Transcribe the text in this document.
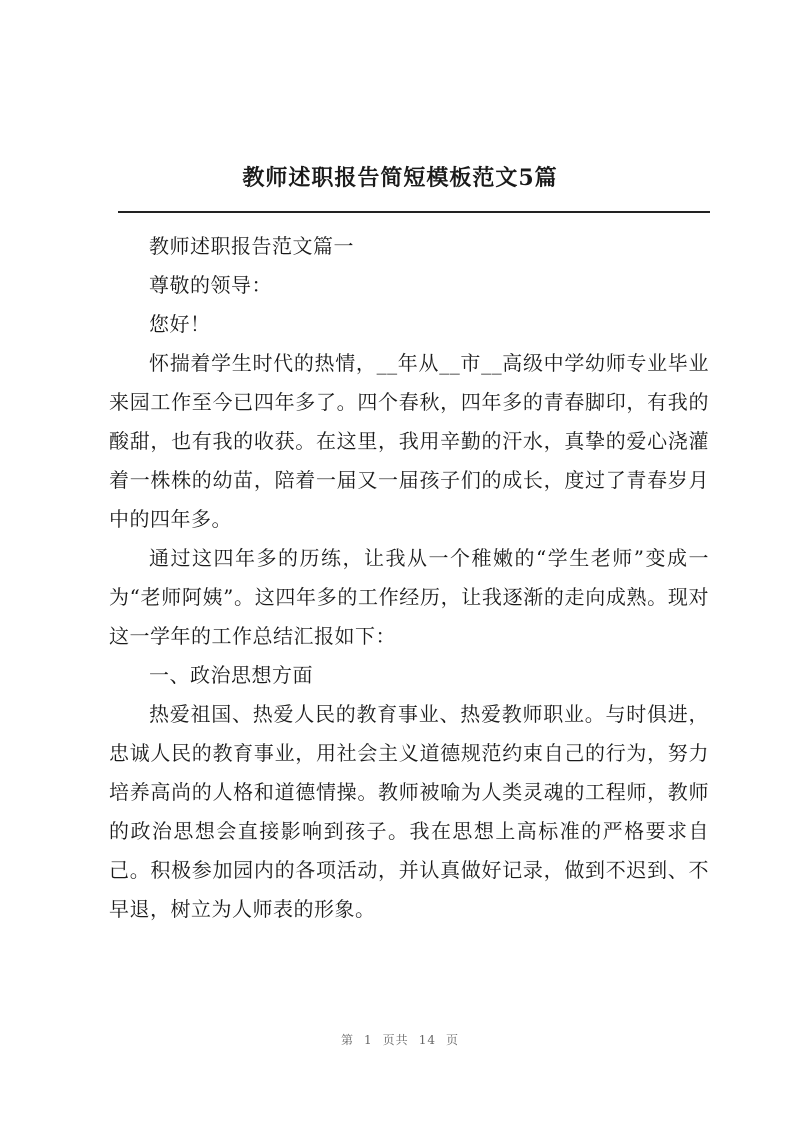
教师述职报告简短模板范文5篇

教师述职报告范文篇一

尊敬的领导：

您好！

怀揣着学生时代的热情，__年从__市__高级中学幼师专业毕业来园工作至今已四年多了。四个春秋，四年多的青春脚印，有我的酸甜，也有我的收获。在这里，我用辛勤的汗水，真挚的爱心浇灌着一株株的幼苗，陪着一届又一届孩子们的成长，度过了青春岁月中的四年多。

通过这四年多的历练，让我从一个稚嫩的“学生老师”变成一为“老师阿姨”。这四年多的工作经历，让我逐渐的走向成熟。现对这一学年的工作总结汇报如下：

一、政治思想方面

热爱祖国、热爱人民的教育事业、热爱教师职业。与时俱进，忠诚人民的教育事业，用社会主义道德规范约束自己的行为，努力培养高尚的人格和道德情操。教师被喻为人类灵魂的工程师，教师的政治思想会直接影响到孩子。我在思想上高标准的严格要求自己。积极参加园内的各项活动，并认真做好记录，做到不迟到、不早退，树立为人师表的形象。

第 1 页共 14 页
